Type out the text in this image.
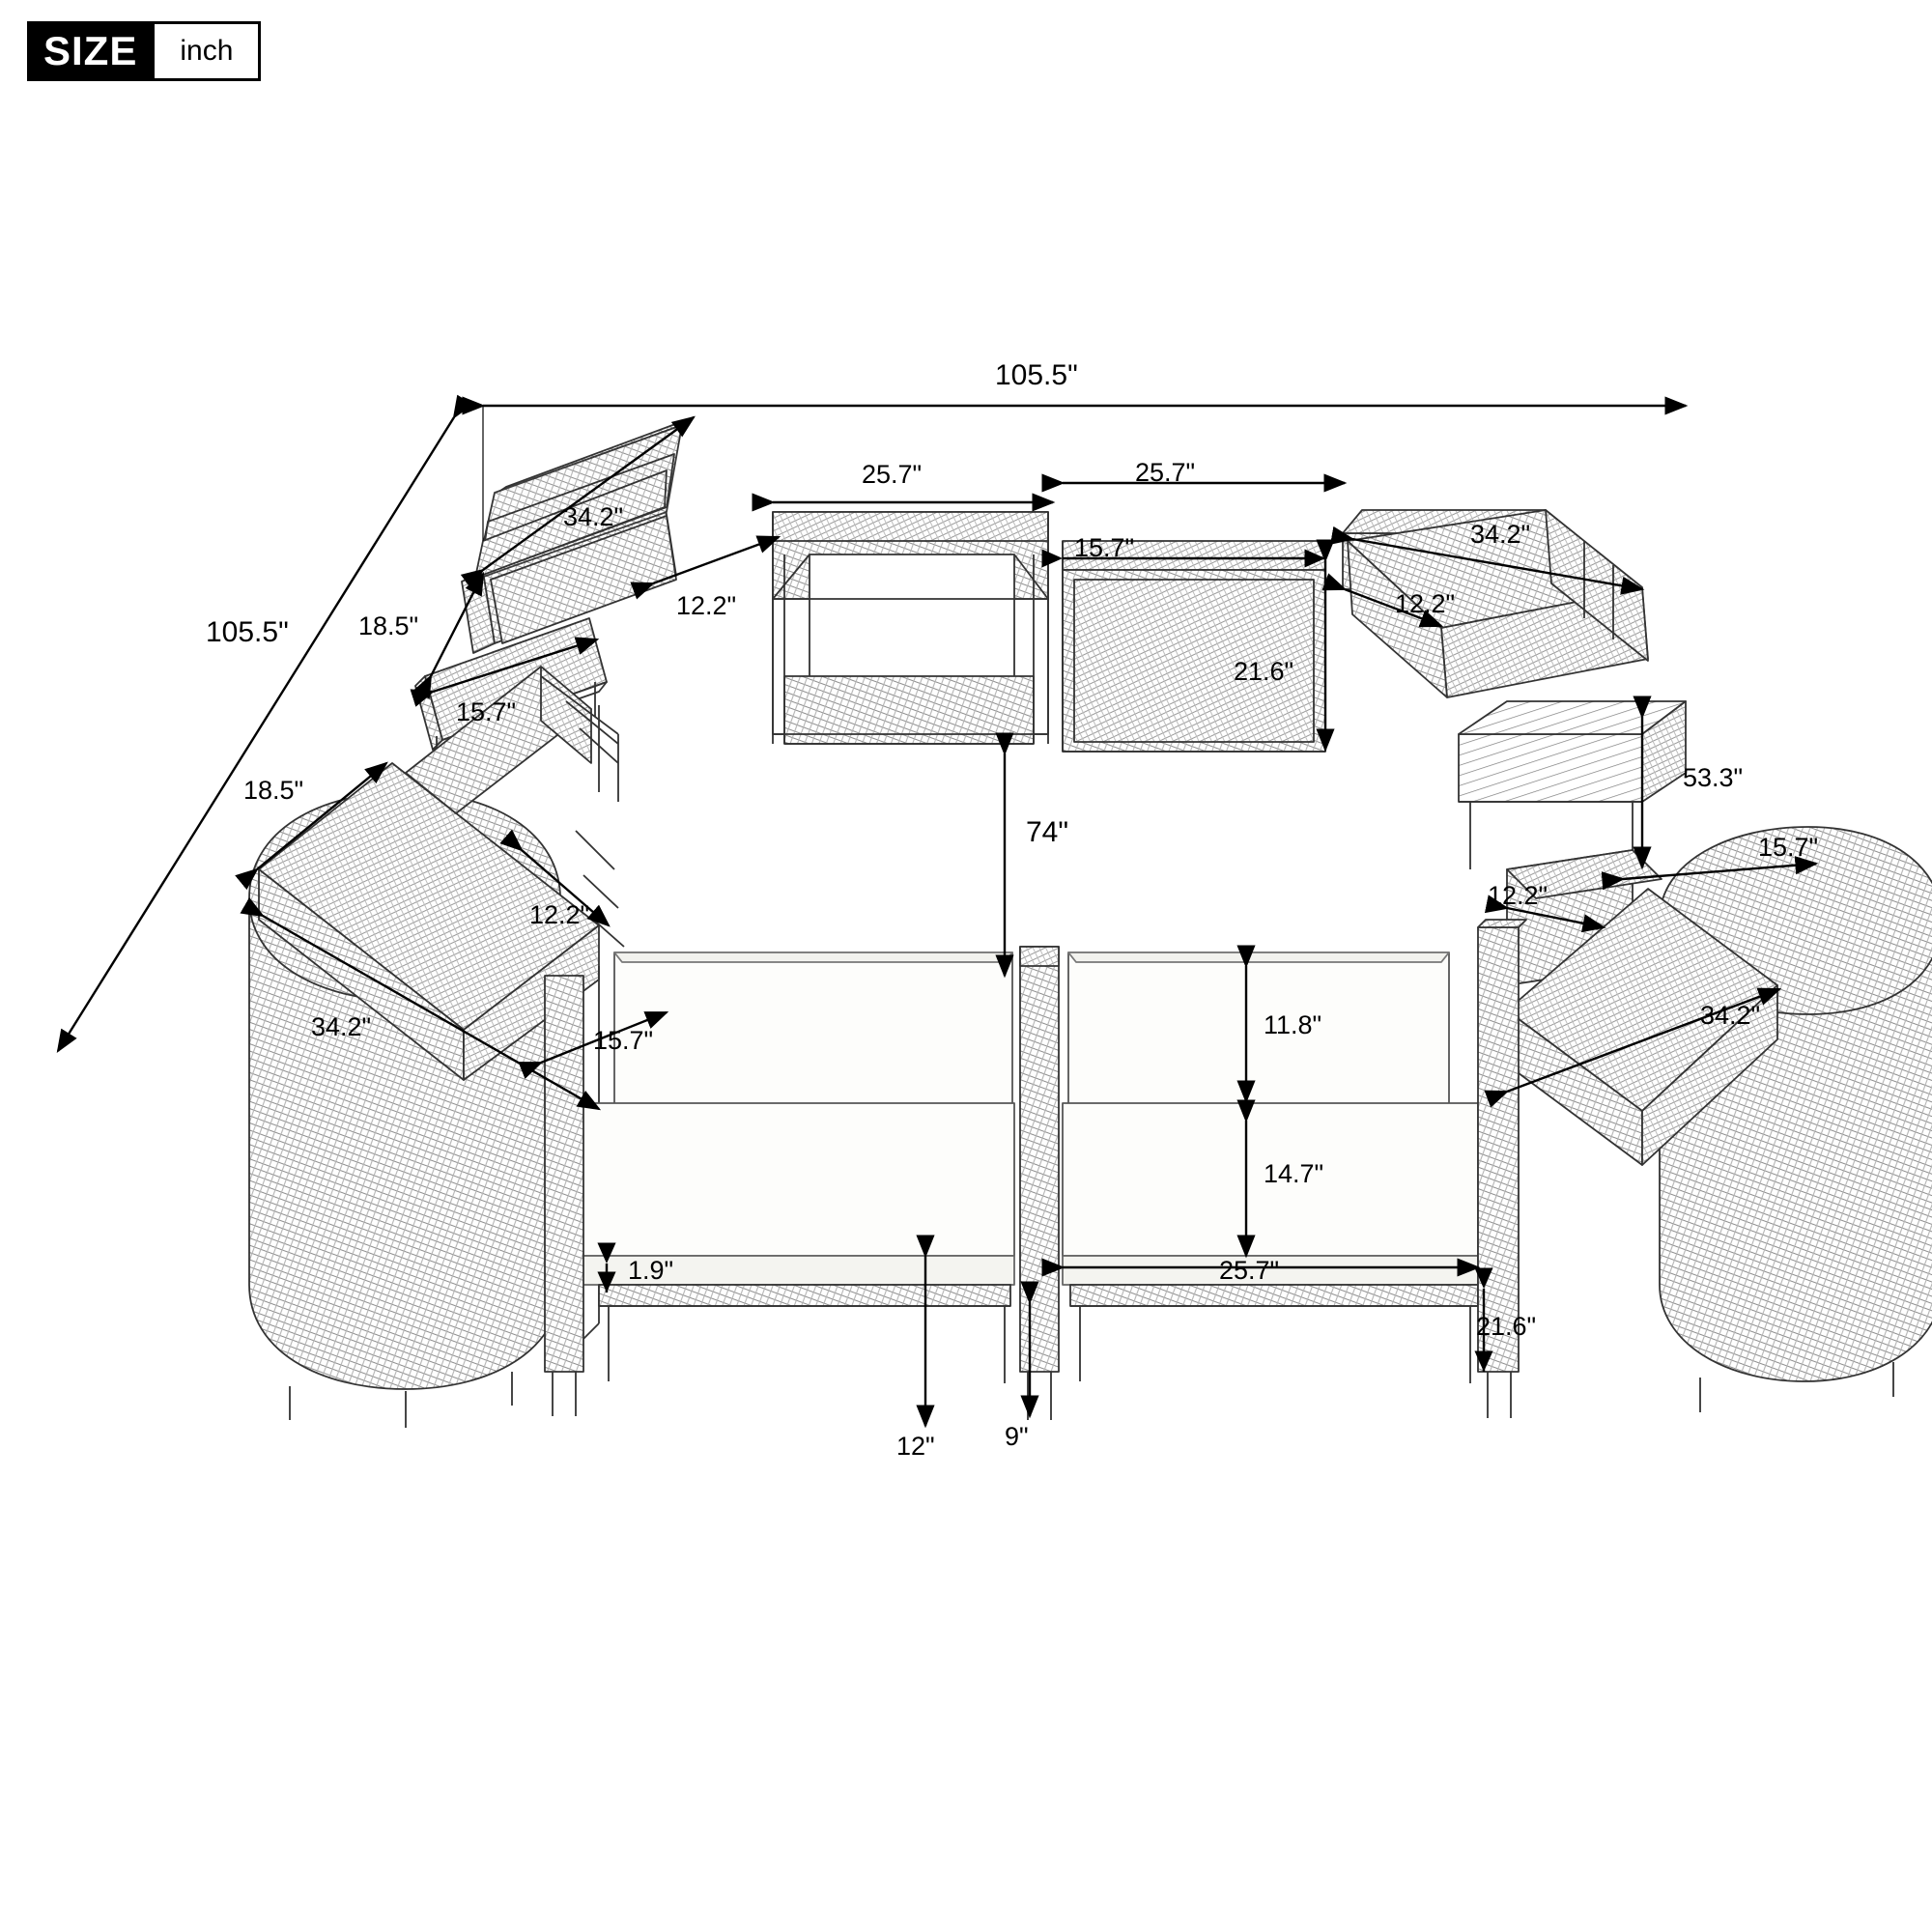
SIZE	inch
105.5"
105.5"
34.2"
18.5"
12.2"
15.7"
25.7"	25.7"
15.7"
21.6"
34.2"
12.2"
53.3"
15.7"
12.2"
74"
18.5"
12.2"
34.2"	15.7"
34.2"
11.8"
14.7"
25.7"
1.9"
12"	9"
21.6"
